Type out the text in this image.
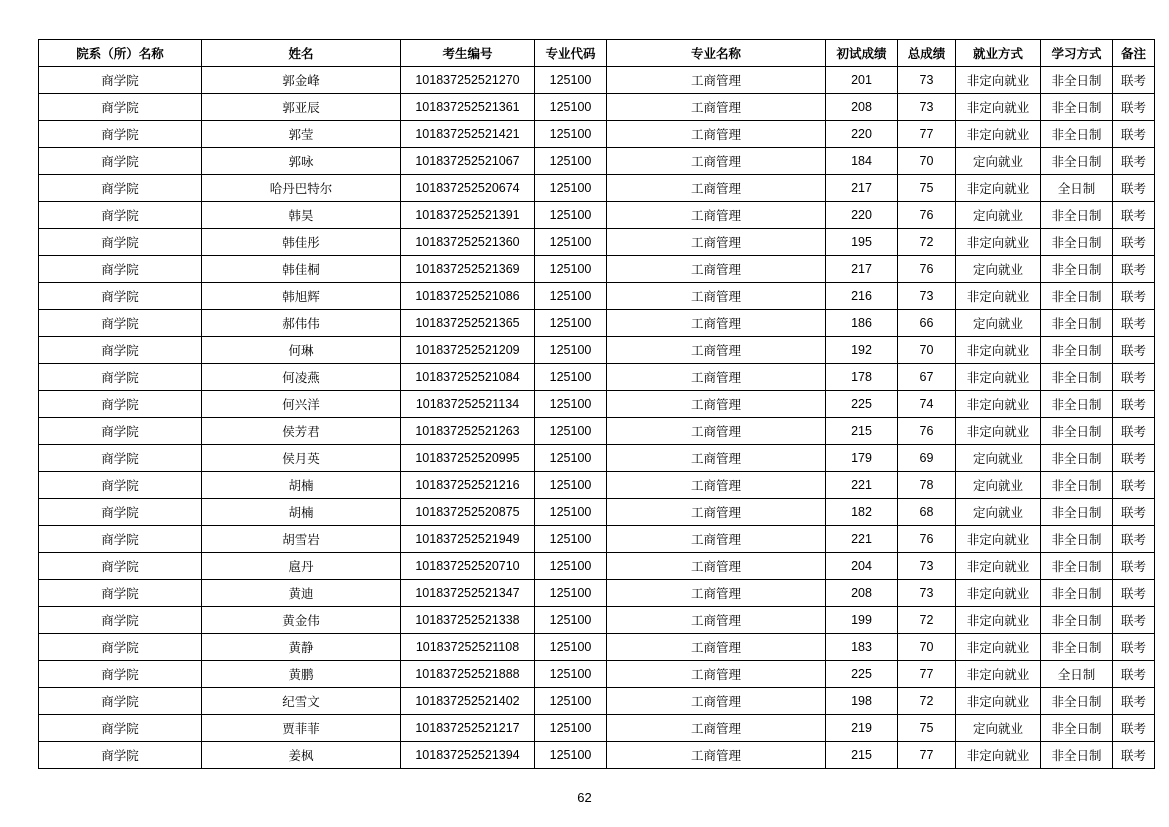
院系（所）名称	姓名	考生编号	专业代码	专业名称	初试成绩	总成绩	就业方式	学习方式	备注
商学院	郭金峰	101837252521270	125100	工商管理	201	73	非定向就业	非全日制	联考
商学院	郭亚辰	101837252521361	125100	工商管理	208	73	非定向就业	非全日制	联考
商学院	郭莹	101837252521421	125100	工商管理	220	77	非定向就业	非全日制	联考
商学院	郭咏	101837252521067	125100	工商管理	184	70	定向就业	非全日制	联考
商学院	哈丹巴特尔	101837252520674	125100	工商管理	217	75	非定向就业	全日制	联考
商学院	韩昊	101837252521391	125100	工商管理	220	76	定向就业	非全日制	联考
商学院	韩佳彤	101837252521360	125100	工商管理	195	72	非定向就业	非全日制	联考
商学院	韩佳桐	101837252521369	125100	工商管理	217	76	定向就业	非全日制	联考
商学院	韩旭辉	101837252521086	125100	工商管理	216	73	非定向就业	非全日制	联考
商学院	郝伟伟	101837252521365	125100	工商管理	186	66	定向就业	非全日制	联考
商学院	何琳	101837252521209	125100	工商管理	192	70	非定向就业	非全日制	联考
商学院	何凌燕	101837252521084	125100	工商管理	178	67	非定向就业	非全日制	联考
商学院	何兴洋	101837252521134	125100	工商管理	225	74	非定向就业	非全日制	联考
商学院	侯芳君	101837252521263	125100	工商管理	215	76	非定向就业	非全日制	联考
商学院	侯月英	101837252520995	125100	工商管理	179	69	定向就业	非全日制	联考
商学院	胡楠	101837252521216	125100	工商管理	221	78	定向就业	非全日制	联考
商学院	胡楠	101837252520875	125100	工商管理	182	68	定向就业	非全日制	联考
商学院	胡雪岩	101837252521949	125100	工商管理	221	76	非定向就业	非全日制	联考
商学院	扈丹	101837252520710	125100	工商管理	204	73	非定向就业	非全日制	联考
商学院	黄迪	101837252521347	125100	工商管理	208	73	非定向就业	非全日制	联考
商学院	黄金伟	101837252521338	125100	工商管理	199	72	非定向就业	非全日制	联考
商学院	黄静	101837252521108	125100	工商管理	183	70	非定向就业	非全日制	联考
商学院	黄鹏	101837252521888	125100	工商管理	225	77	非定向就业	全日制	联考
商学院	纪雪文	101837252521402	125100	工商管理	198	72	非定向就业	非全日制	联考
商学院	贾菲菲	101837252521217	125100	工商管理	219	75	定向就业	非全日制	联考
商学院	姜枫	101837252521394	125100	工商管理	215	77	非定向就业	非全日制	联考
62
